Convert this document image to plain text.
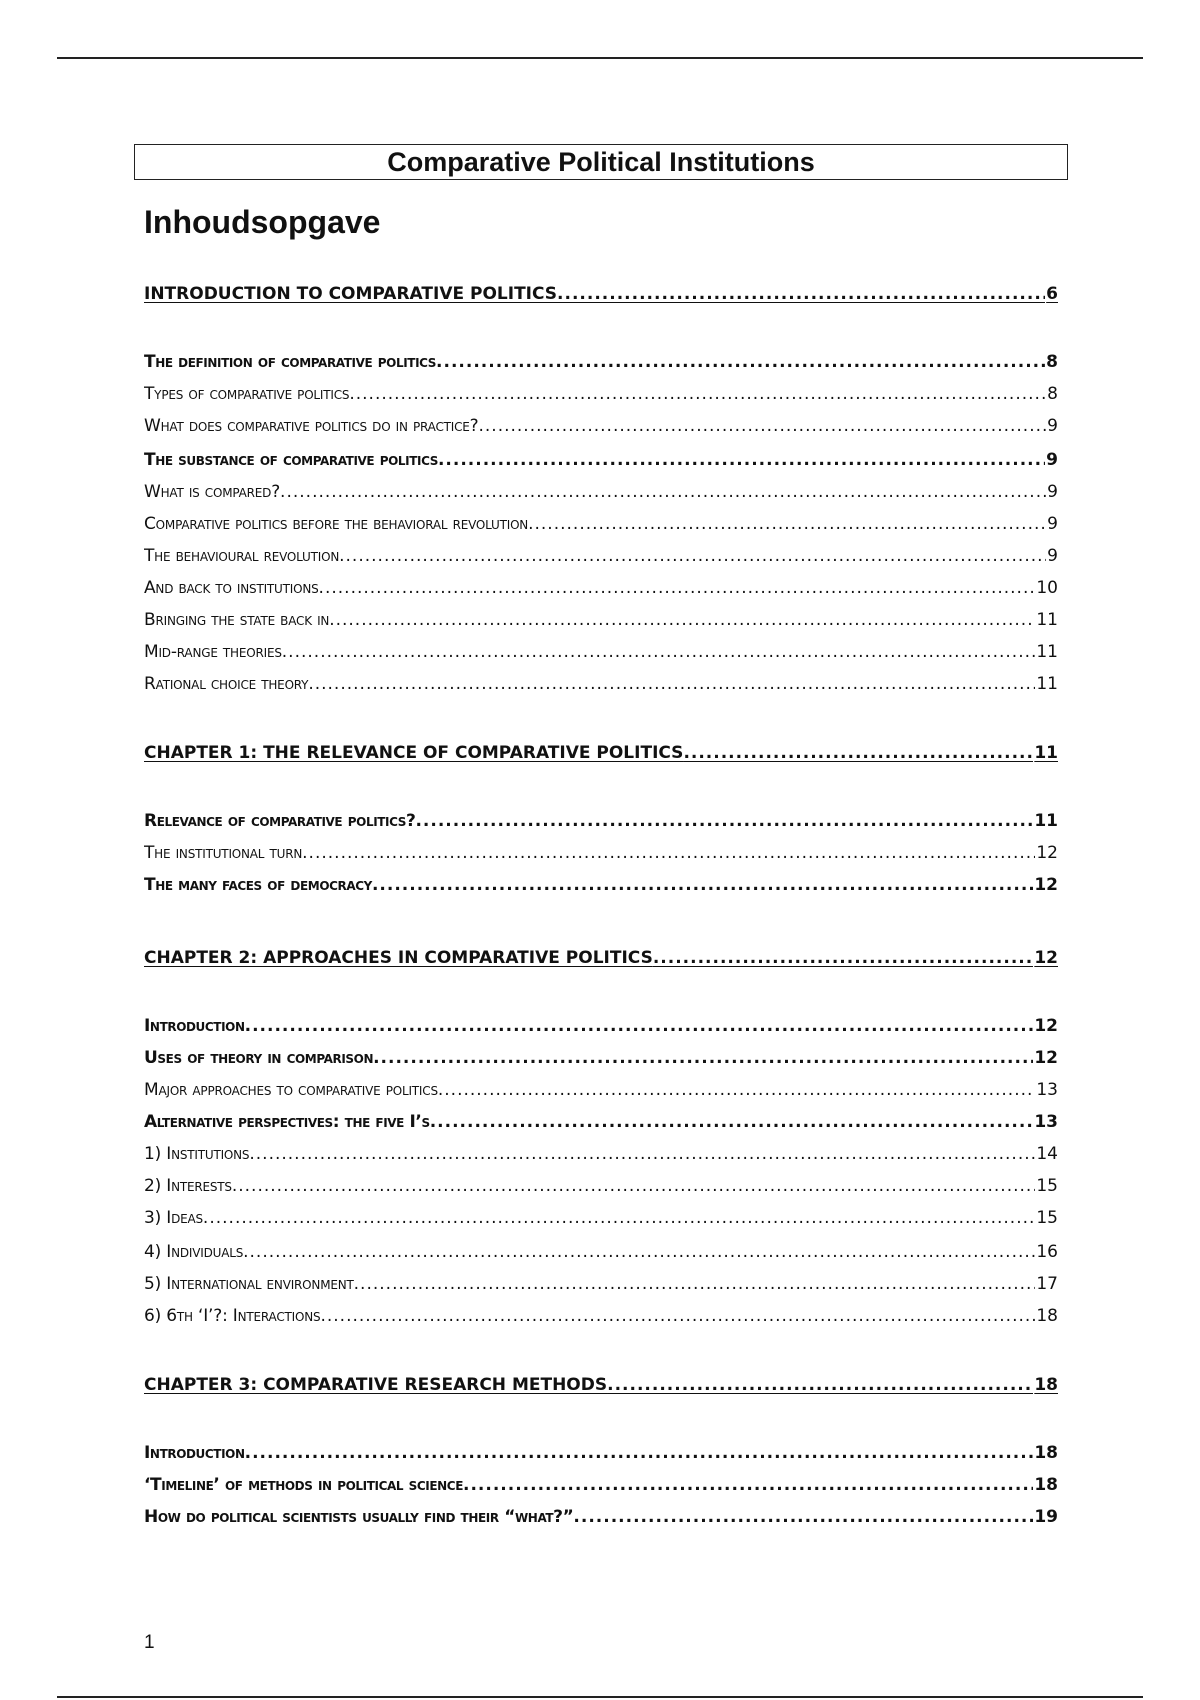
Comparative Political Institutions
Inhoudsopgave
INTRODUCTION TO COMPARATIVE POLITICS .....	6
The definition of comparative politics .....	8
Types of comparative politics .....	8
What does comparative politics do in practice? .....	9
The substance of comparative politics .....	9
What is compared? .....	9
Comparative politics before the behavioral revolution .....	9
The behavioural revolution .....	9
And back to institutions .....	10
Bringing the state back in .....	11
Mid-range theories .....	11
Rational choice theory .....	11
CHAPTER 1: THE RELEVANCE OF COMPARATIVE POLITICS .....	11
Relevance of comparative politics? .....	11
The institutional turn .....	12
The many faces of democracy .....	12
CHAPTER 2: APPROACHES IN COMPARATIVE POLITICS .....	12
Introduction .....	12
Uses of theory in comparison .....	12
Major approaches to comparative politics .....	13
Alternative perspectives: the five I’s .....	13
1) Institutions .....	14
2) Interests .....	15
3) Ideas .....	15
4) Individuals .....	16
5) International environment .....	17
6) 6th ‘I’?: Interactions .....	18
CHAPTER 3: COMPARATIVE RESEARCH METHODS .....	18
Introduction .....	18
‘Timeline’ of methods in political science .....	18
How do political scientists usually find their “what?” .....	19
1
